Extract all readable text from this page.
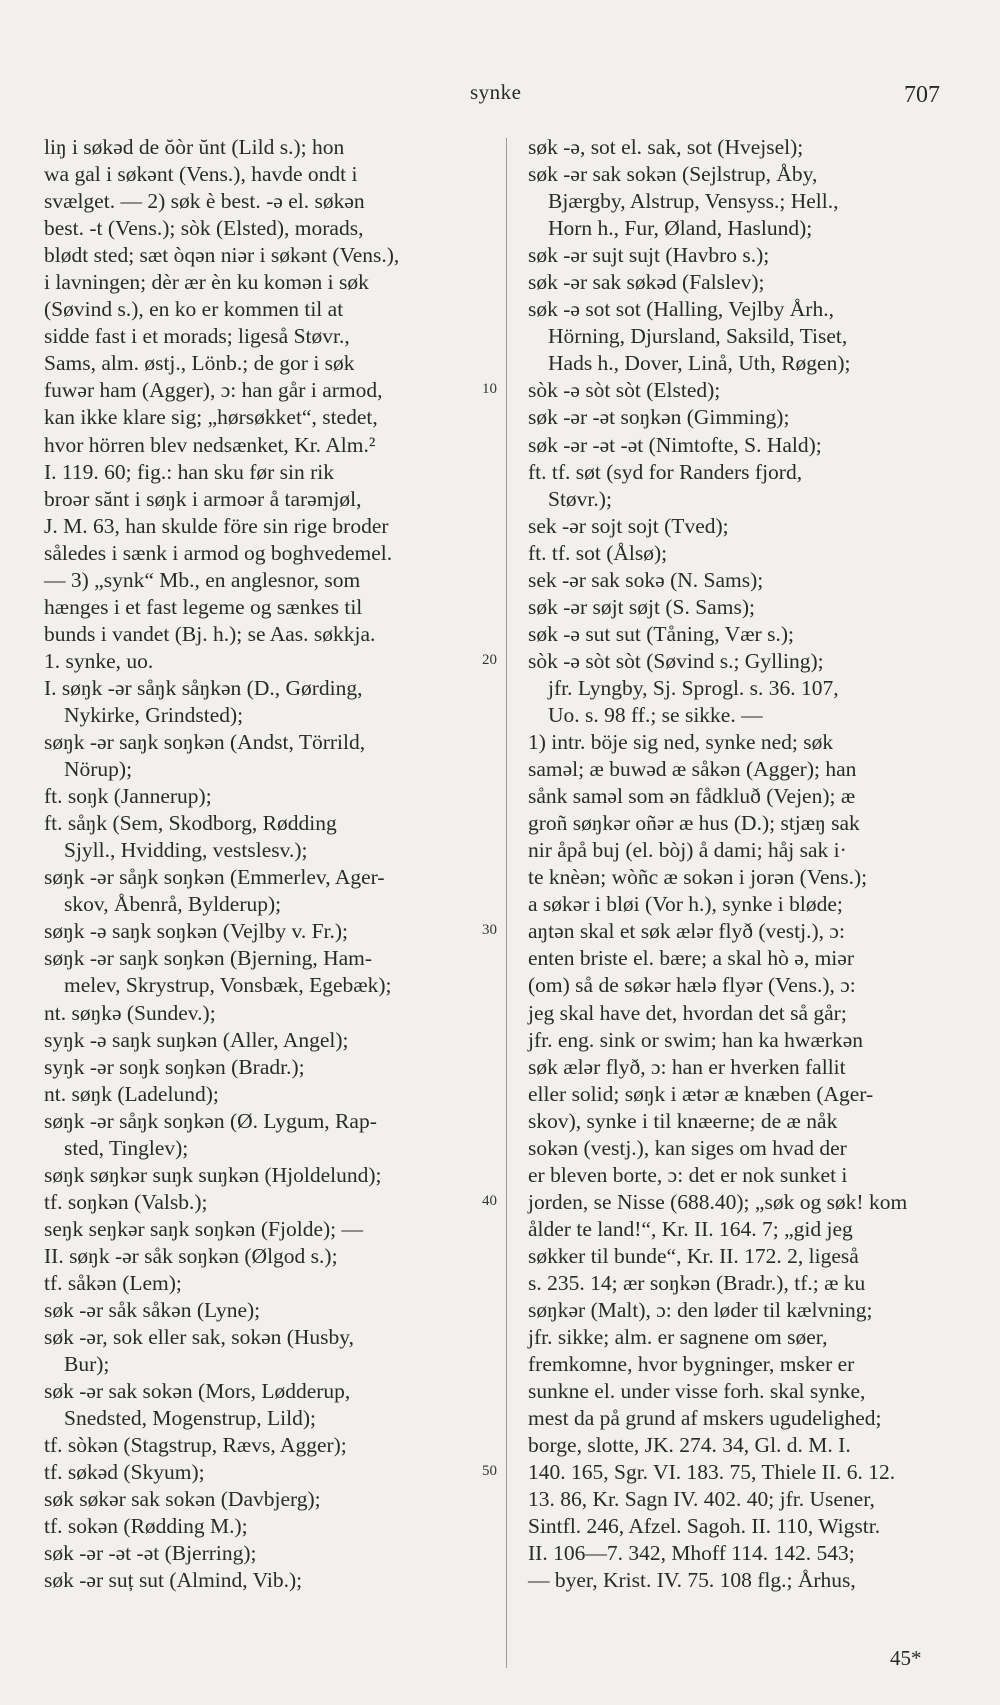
synke	707
liŋ i søkəd de ŏòr ŭnt (Lild s.); hon
wa gal i søkənt (Vens.), havde ondt i
svælget. — 2) søk è best. -ə el. søkən
best. -t (Vens.); sòk (Elsted), morads,
blødt sted; sæt òqən niər i søkənt (Vens.),
i lavningen; dèr ær èn ku komən i søk
(Søvind s.), en ko er kommen til at
sidde fast i et morads; ligeså Støvr.,
Sams, alm. østj., Lönb.; de gor i søk
fuwər ham (Agger), ɔ: han går i armod,
kan ikke klare sig; „hørsøkket“, stedet,
hvor hörren blev nedsænket, Kr. Alm.²
I. 119. 60; fig.: han sku før sin rik
broər sănt i søŋk i armoər å tarəmjøl,
J. M. 63, han skulde före sin rige broder
således i sænk i armod og boghvedemel.
— 3) „synk“ Mb., en anglesnor, som
hænges i et fast legeme og sænkes til
bunds i vandet (Bj. h.); se Aas. søkkja.
1. synke, uo.
I. søŋk -ər såŋk såŋkən (D., Gørding,
Nykirke, Grindsted);
søŋk -ər saŋk soŋkən (Andst, Törrild,
Nörup);
ft. soŋk (Jannerup);
ft. såŋk (Sem, Skodborg, Rødding
Sjyll., Hvidding, vestslesv.);
søŋk -ər såŋk soŋkən (Emmerlev, Ager-
skov, Åbenrå, Bylderup);
søŋk -ə saŋk soŋkən (Vejlby v. Fr.);
søŋk -ər saŋk soŋkən (Bjerning, Ham-
melev, Skrystrup, Vonsbæk, Egebæk);
nt. søŋkə (Sundev.);
syŋk -ə saŋk suŋkən (Aller, Angel);
syŋk -ər soŋk soŋkən (Bradr.);
nt. søŋk (Ladelund);
søŋk -ər såŋk soŋkən (Ø. Lygum, Rap-
sted, Tinglev);
søŋk søŋkər suŋk suŋkən (Hjoldelund);
tf. soŋkən (Valsb.);
seŋk seŋkər saŋk soŋkən (Fjolde); —
II. søŋk -ər såk soŋkən (Ølgod s.);
tf. såkən (Lem);
søk -ər såk såkən (Lyne);
søk -ər, sok eller sak, sokən (Husby,
Bur);
søk -ər sak sokən (Mors, Lødderup,
Snedsted, Mogenstrup, Lild);
tf. sòkən (Stagstrup, Rævs, Agger);
tf. søkəd (Skyum);
søk søkər sak sokən (Davbjerg);
tf. sokən (Rødding M.);
søk -ər -ət -ət (Bjerring);
søk -ər suț sut (Almind, Vib.);
søk -ə, sot el. sak, sot (Hvejsel);
søk -ər sak sokən (Sejlstrup, Åby,
Bjærgby, Alstrup, Vensyss.; Hell.,
Horn h., Fur, Øland, Haslund);
søk -ər sujt sujt (Havbro s.);
søk -ər sak søkəd (Falslev);
søk -ə sot sot (Halling, Vejlby Årh.,
Hörning, Djursland, Saksild, Tiset,
Hads h., Dover, Linå, Uth, Røgen);
sòk -ə sòt sòt (Elsted);
søk -ər -ət soŋkən (Gimming);
søk -ər -ət -ət (Nimtofte, S. Hald);
ft. tf. søt (syd for Randers fjord,
Støvr.);
sek -ər sojt sojt (Tved);
ft. tf. sot (Ålsø);
sek -ər sak sokə (N. Sams);
søk -ər søjt søjt (S. Sams);
søk -ə sut sut (Tåning, Vær s.);
sòk -ə sòt sòt (Søvind s.; Gylling);
jfr. Lyngby, Sj. Sprogl. s. 36. 107,
Uo. s. 98 ff.; se sikke. —
1) intr. böje sig ned, synke ned; søk
saməl; æ buwəd æ såkən (Agger); han
sånk saməl som ən fådkluð (Vejen); æ
groñ søŋkər oñər æ hus (D.); stjæŋ sak
nir åpå buj (el. bòj) å dami; håj sak i·
te knèən; wòñc æ sokən i jorən (Vens.);
a søkər i bløi (Vor h.), synke i bløde;
aŋtən skal et søk ælər flyð (vestj.), ɔ:
enten briste el. bære; a skal hò ə, miər
(om) så de søkər hælə flyər (Vens.), ɔ:
jeg skal have det, hvordan det så går;
jfr. eng. sink or swim; han ka hwærkən
søk ælər flyð, ɔ: han er hverken fallit
eller solid; søŋk i ætər æ knæben (Ager-
skov), synke i til knæerne; de æ nåk
sokən (vestj.), kan siges om hvad der
er bleven borte, ɔ: det er nok sunket i
jorden, se Nisse (688.40); „søk og søk! kom
ålder te land!“, Kr. II. 164. 7; „gid jeg
søkker til bunde“, Kr. II. 172. 2, ligeså
s. 235. 14; ær soŋkən (Bradr.), tf.; æ ku
søŋkər (Malt), ɔ: den løder til kælvning;
jfr. sikke; alm. er sagnene om søer,
fremkomne, hvor bygninger, msker er
sunkne el. under visse forh. skal synke,
mest da på grund af mskers ugudelighed;
borge, slotte, JK. 274. 34, Gl. d. M. I.
140. 165, Sgr. VI. 183. 75, Thiele II. 6. 12.
13. 86, Kr. Sagn IV. 402. 40; jfr. Usener,
Sintfl. 246, Afzel. Sagoh. II. 110, Wigstr.
II. 106—7. 342, Mhoff 114. 142. 543;
— byer, Krist. IV. 75. 108 flg.; Århus,
10
20
30
40
50
45*
